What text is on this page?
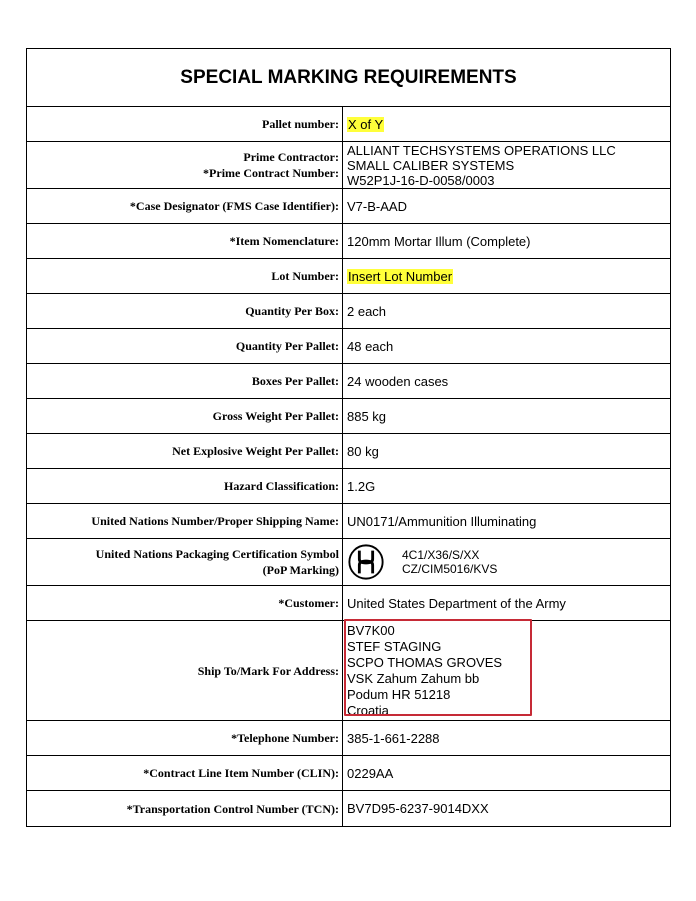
SPECIAL MARKING REQUIREMENTS
Pallet number: X of Y
Prime Contractor:
*Prime Contract Number:
ALLIANT TECHSYSTEMS OPERATIONS LLC
SMALL CALIBER SYSTEMS
W52P1J-16-D-0058/0003
*Case Designator (FMS Case Identifier): V7-B-AAD
*Item Nomenclature: 120mm Mortar Illum (Complete)
Lot Number: Insert Lot Number
Quantity Per Box: 2 each
Quantity Per Pallet: 48 each
Boxes Per Pallet: 24 wooden cases
Gross Weight Per Pallet: 885 kg
Net Explosive Weight Per Pallet: 80 kg
Hazard Classification: 1.2G
United Nations Number/Proper Shipping Name: UN0171/Ammunition Illuminating
United Nations Packaging Certification Symbol
(PoP Marking)
4C1/X36/S/XX
CZ/CIM5016/KVS
*Customer: United States Department of the Army
Ship To/Mark For Address:
BV7K00
STEF STAGING
SCPO THOMAS GROVES
VSK Zahum Zahum bb
Podum HR 51218
Croatia
*Telephone Number: 385-1-661-2288
*Contract Line Item Number (CLIN): 0229AA
*Transportation Control Number (TCN): BV7D95-6237-9014DXX
